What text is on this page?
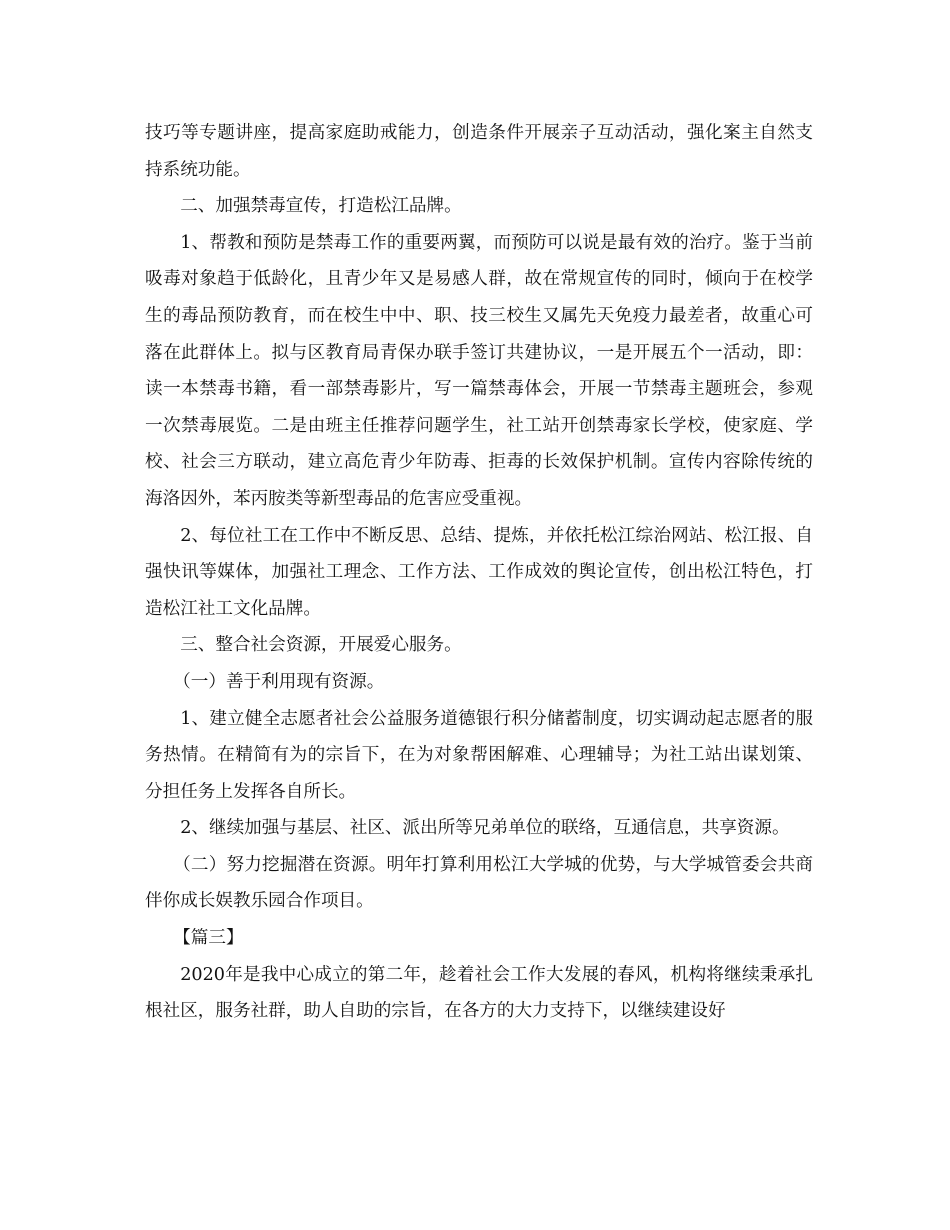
技巧等专题讲座，提高家庭助戒能力，创造条件开展亲子互动活动，强化案主自然支持系统功能。

二、加强禁毒宣传，打造松江品牌。

1、帮教和预防是禁毒工作的重要两翼，而预防可以说是最有效的治疗。鉴于当前吸毒对象趋于低龄化，且青少年又是易感人群，故在常规宣传的同时，倾向于在校学生的毒品预防教育，而在校生中中、职、技三校生又属先天免疫力最差者，故重心可落在此群体上。拟与区教育局青保办联手签订共建协议，一是开展五个一活动，即：读一本禁毒书籍，看一部禁毒影片，写一篇禁毒体会，开展一节禁毒主题班会，参观一次禁毒展览。二是由班主任推荐问题学生，社工站开创禁毒家长学校，使家庭、学校、社会三方联动，建立高危青少年防毒、拒毒的长效保护机制。宣传内容除传统的海洛因外，苯丙胺类等新型毒品的危害应受重视。

2、每位社工在工作中不断反思、总结、提炼，并依托松江综治网站、松江报、自强快讯等媒体，加强社工理念、工作方法、工作成效的舆论宣传，创出松江特色，打造松江社工文化品牌。

三、整合社会资源，开展爱心服务。

（一）善于利用现有资源。

1、建立健全志愿者社会公益服务道德银行积分储蓄制度，切实调动起志愿者的服务热情。在精简有为的宗旨下，在为对象帮困解难、心理辅导；为社工站出谋划策、分担任务上发挥各自所长。

2、继续加强与基层、社区、派出所等兄弟单位的联络，互通信息，共享资源。

（二）努力挖掘潜在资源。明年打算利用松江大学城的优势，与大学城管委会共商伴你成长娱教乐园合作项目。

【篇三】

2020年是我中心成立的第二年，趁着社会工作大发展的春风，机构将继续秉承扎根社区，服务社群，助人自助的宗旨，在各方的大力支持下，以继续建设好
